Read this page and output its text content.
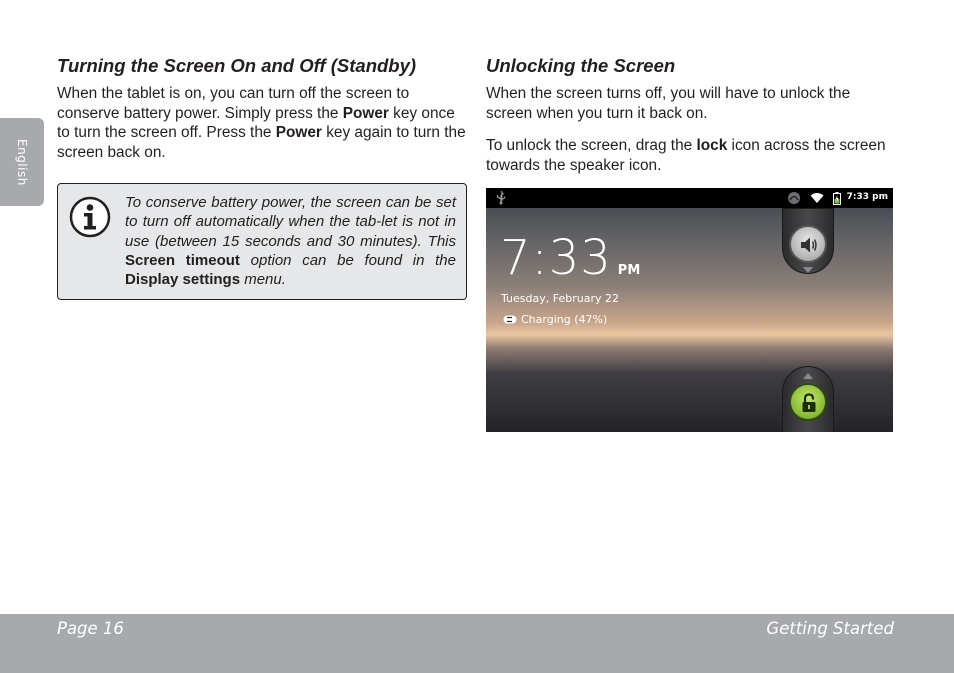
English
Turning the Screen On and Off (Standby)

When the tablet is on, you can turn off the screen to conserve battery power. Simply press the Power key once to turn the screen off. Press the Power key again to turn the screen back on.

To conserve battery power, the screen can be set to turn off automatically when the tab-let is not in use (between 15 seconds and 30 minutes). This Screen timeout option can be found in the Display settings menu.

Unlocking the Screen

When the screen turns off, you will have to unlock the screen when you turn it back on.

To unlock the screen, drag the lock icon across the screen towards the speaker icon.

7:33 pm
7:33 PM
Tuesday, February 22
Charging (47%)
Page 16	Getting Started
